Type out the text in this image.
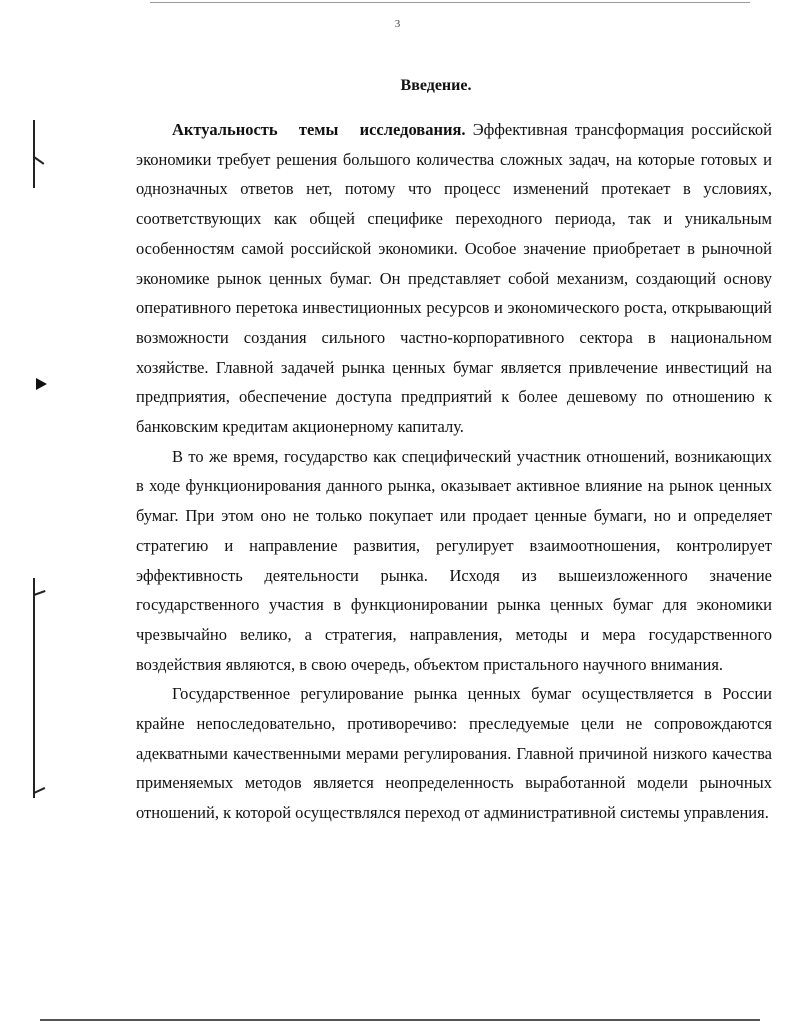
3
Введение.

Актуальность темы исследования. Эффективная трансформация российской экономики требует решения большого количества сложных задач, на которые готовых и однозначных ответов нет, потому что процесс изменений протекает в условиях, соответствующих как общей специфике переходного периода, так и уникальным особенностям самой российской экономики. Особое значение приобретает в рыночной экономике рынок ценных бумаг. Он представляет собой механизм, создающий основу оперативного перетока инвестиционных ресурсов и экономического роста, открывающий возможности создания сильного частно-корпоративного сектора в национальном хозяйстве. Главной задачей рынка ценных бумаг является привлечение инвестиций на предприятия, обеспечение доступа предприятий к более дешевому по отношению к банковским кредитам акционерному капиталу.

В то же время, государство как специфический участник отношений, возникающих в ходе функционирования данного рынка, оказывает активное влияние на рынок ценных бумаг. При этом оно не только покупает или продает ценные бумаги, но и определяет стратегию и направление развития, регулирует взаимоотношения, контролирует эффективность деятельности рынка. Исходя из вышеизложенного значение государственного участия в функционировании рынка ценных бумаг для экономики чрезвычайно велико, а стратегия, направления, методы и мера государственного воздействия являются, в свою очередь, объектом пристального научного внимания.

Государственное регулирование рынка ценных бумаг осуществляется в России крайне непоследовательно, противоречиво: преследуемые цели не сопровождаются адекватными качественными мерами регулирования. Главной причиной низкого качества применяемых методов является неопределенность выработанной модели рыночных отношений, к которой осуществлялся переход от административной системы управления.
